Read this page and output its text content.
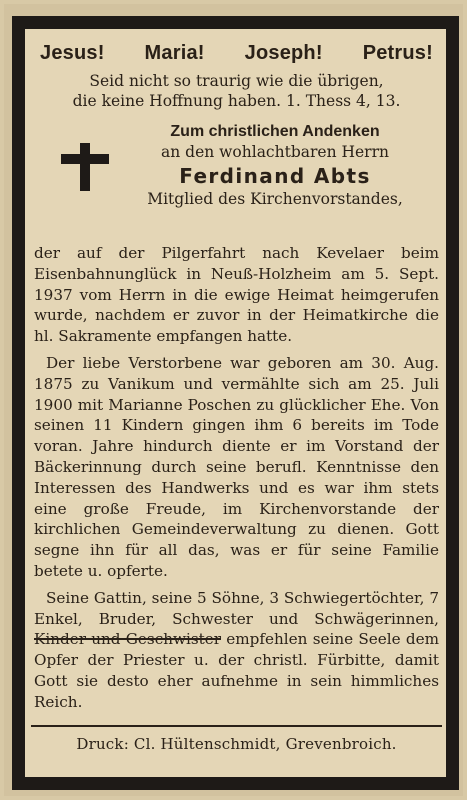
Jesus! Maria! Joseph! Petrus!
Seid nicht so traurig wie die übrigen,
die keine Hoffnung haben. 1. Thess 4, 13.
Zum christlichen Andenken
an den wohlachtbaren Herrn
Ferdinand Abts
Mitglied des Kirchenvorstandes,

der auf der Pilgerfahrt nach Kevelaer beim Eisenbahnunglück in Neuß-Holzheim am 5. Sept. 1937 vom Herrn in die ewige Heimat heimgerufen wurde, nachdem er zuvor in der Heimatkirche die hl. Sakramente empfangen hatte.

Der liebe Verstorbene war geboren am 30. Aug. 1875 zu Vanikum und vermählte sich am 25. Juli 1900 mit Marianne Poschen zu glücklicher Ehe. Von seinen 11 Kindern gingen ihm 6 bereits im Tode voran. Jahre hindurch diente er im Vorstand der Bäckerinnung durch seine berufl. Kenntnisse den Interessen des Handwerks und es war ihm stets eine große Freude, im Kirchenvorstande der kirchlichen Gemeindeverwaltung zu dienen. Gott segne ihn für all das, was er für seine Familie betete u. opferte.

Seine Gattin, seine 5 Söhne, 3 Schwiegertöchter, 7 Enkel, Bruder, Schwester und Schwägerinnen, Kinder und Geschwister empfehlen seine Seele dem Opfer der Priester u. der christl. Fürbitte, damit Gott sie desto eher aufnehme in sein himmliches Reich.

Druck: Cl. Hültenschmidt, Grevenbroich.
